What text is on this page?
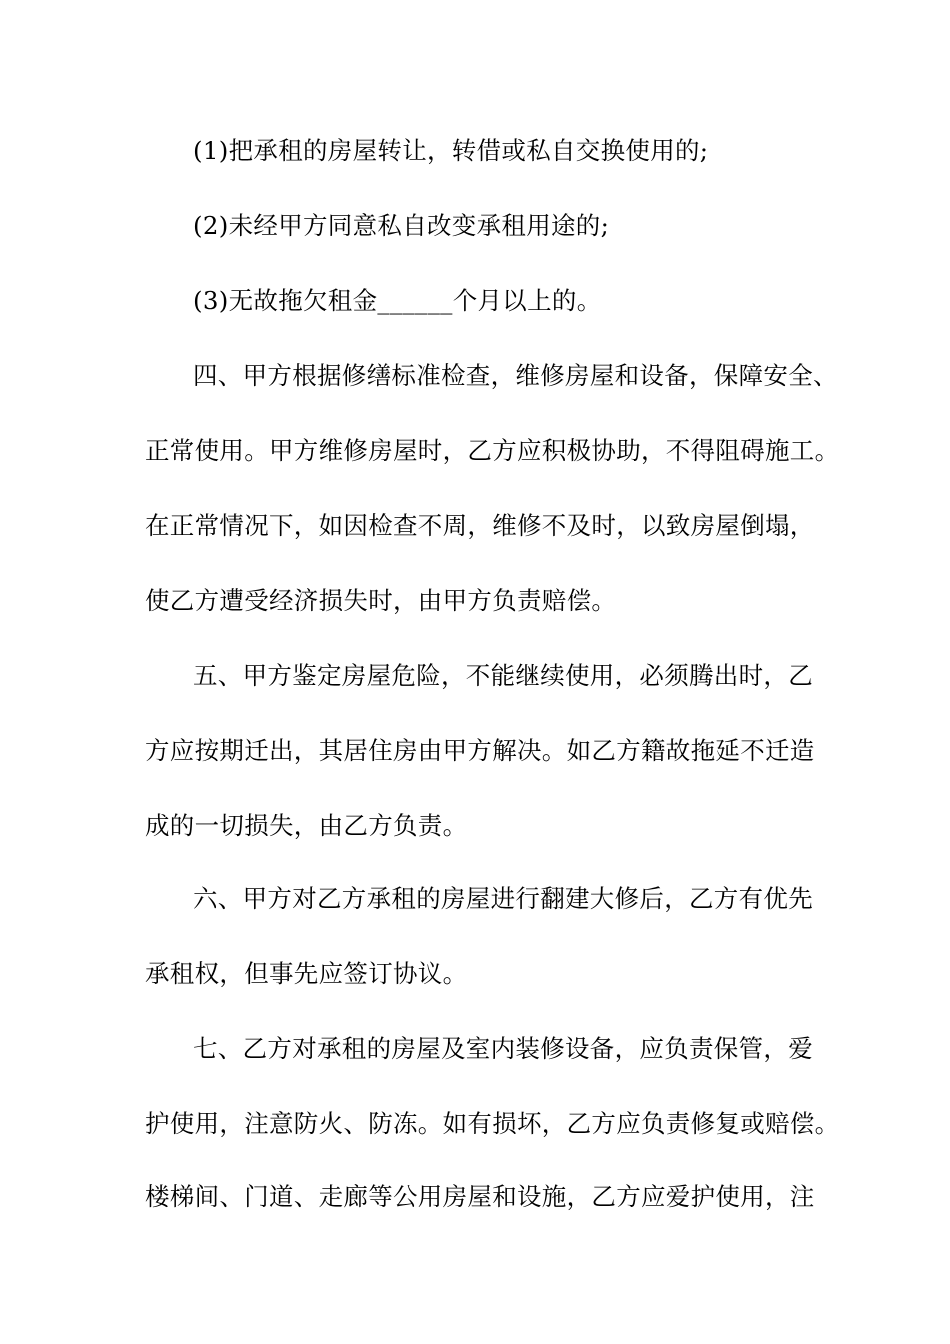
(1)把承租的房屋转让，转借或私自交换使用的;
(2)未经甲方同意私自改变承租用途的;
(3)无故拖欠租金______个月以上的。
四、甲方根据修缮标准检查，维修房屋和设备，保障安全、
正常使用。甲方维修房屋时，乙方应积极协助，不得阻碍施工。
在正常情况下，如因检查不周，维修不及时，以致房屋倒塌，
使乙方遭受经济损失时，由甲方负责赔偿。
五、甲方鉴定房屋危险，不能继续使用，必须腾出时，乙
方应按期迁出，其居住房由甲方解决。如乙方籍故拖延不迁造
成的一切损失，由乙方负责。
六、甲方对乙方承租的房屋进行翻建大修后，乙方有优先
承租权，但事先应签订协议。
七、乙方对承租的房屋及室内装修设备，应负责保管，爱
护使用，注意防火、防冻。如有损坏，乙方应负责修复或赔偿。
楼梯间、门道、走廊等公用房屋和设施，乙方应爱护使用，注
